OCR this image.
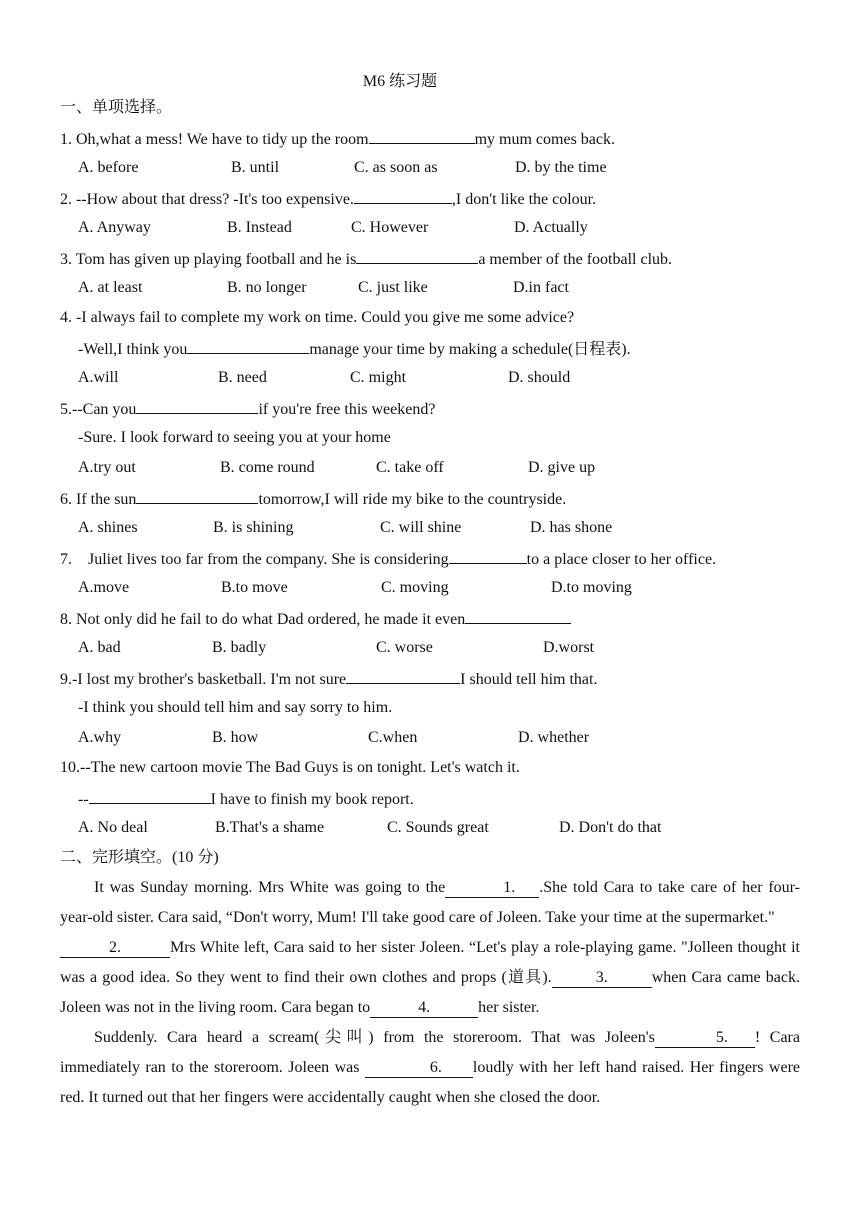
M6 练习题
一、单项选择。
1. Oh,what a mess! We have to tidy up the room	my mum comes back.
A. before	B. until	C. as soon as	D. by the time
2. --How about that dress? -It's too expensive.	,I don't like the colour.
A. Anyway	B. Instead	C. However	D. Actually
3. Tom has given up playing football and he is	a member of the football club.
A. at least	B. no longer	C. just like	D.in fact
4. -I always fail to complete my work on time. Could you give me some advice?
-Well,I think you	manage your time by making a schedule(日程表).
A.will	B. need	C. might	D. should
5.--Can you	if you're free this weekend?
-Sure. I look forward to seeing you at your home
A.try out	B. come round	C. take off	D. give up
6. If the sun	tomorrow,I will ride my bike to the countryside.
A. shines	B. is shining	C. will shine	D. has shone
7.    Juliet lives too far from the company. She is considering	to a place closer to her office.
A.move	B.to move	C. moving	D.to moving
8. Not only did he fail to do what Dad ordered, he made it even
A. bad	B. badly	C. worse	D.worst
9.-I lost my brother's basketball. I'm not sure	I should tell him that.
-I think you should tell him and say sorry to him.
A.why	B. how	C.when	D. whether
10.--The new cartoon movie The Bad Guys is on tonight. Let's watch it.
--	I have to finish my book report.
A. No deal	B.That's a shame	C. Sounds great	D. Don't do that
二、完形填空。(10 分)

It was Sunday morning. Mrs White was going to the	1. .She told Cara to take care of her four-year-old sister. Cara said, “Don't worry, Mum! I'll take good care of Joleen. Take your time at the supermarket."

2.	Mrs White left, Cara said to her sister Joleen. “Let's play a role-playing game. "Jolleen thought it was a good idea. So they went to find their own clothes and props (道具).	3.	when Cara came back. Joleen was not in the living room. Cara began to	4.	her sister.

Suddenly. Cara heard a scream(尖叫) from the storeroom. That was Joleen's	5. ! Cara immediately ran to the storeroom. Joleen was	6. loudly with her left hand raised. Her fingers were red. It turned out that her fingers were accidentally caught when she closed the door.
